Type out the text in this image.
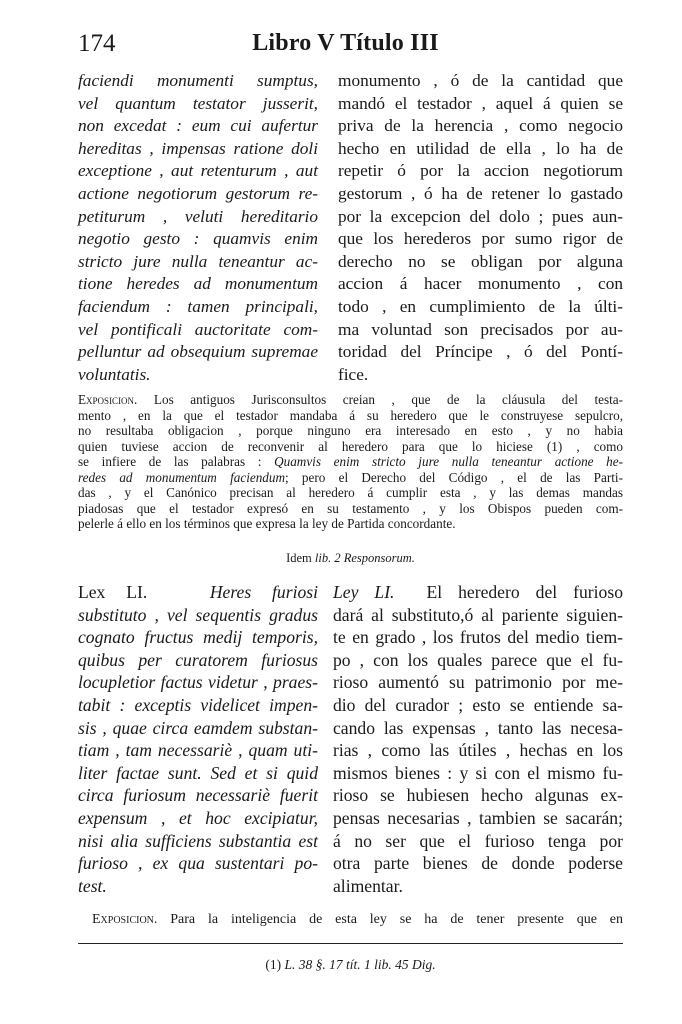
174	Libro V Título III
faciendi monumenti sumptus,
vel quantum testator jusserit,
non excedat : eum cui aufertur
hereditas , impensas ratione doli
exceptione , aut retenturum , aut
actione negotiorum gestorum re-
petiturum , veluti hereditario
negotio gesto : quamvis enim
stricto jure nulla teneantur ac-
tione heredes ad monumentum
faciendum : tamen principali,
vel pontificali auctoritate com-
pelluntur ad obsequium supremae
voluntatis.
monumento , ó de la cantidad que
mandó el testador , aquel á quien se
priva de la herencia , como negocio
hecho en utilidad de ella , lo ha de
repetir ó por la accion negotiorum
gestorum , ó ha de retener lo gastado
por la excepcion del dolo ; pues aun-
que los herederos por sumo rigor de
derecho no se obligan por alguna
accion á hacer monumento , con
todo , en cumplimiento de la últi-
ma voluntad son precisados por au-
toridad del Príncipe , ó del Pontí-
fice.
Exposicion. Los antiguos Jurisconsultos creian , que de la cláusula del testa-
mento , en la que el testador mandaba á su heredero que le construyese sepulcro,
no resultaba obligacion , porque ninguno era interesado en esto , y no habia
quien tuviese accion de reconvenir al heredero para que lo hiciese (1) , como
se infiere de las palabras : Quamvis enim stricto jure nulla teneantur actione he-
redes ad monumentum faciendum; pero el Derecho del Código , el de las Parti-
das , y el Canónico precisan al heredero á cumplir esta , y las demas mandas
piadosas que el testador expresó en su testamento , y los Obispos pueden com-
pelerle á ello en los términos que expresa la ley de Partida concordante.
Idem lib. 2 Responsorum.
Lex LI.	Heres furiosi
substituto , vel sequentis gradus
cognato fructus medij temporis,
quibus per curatorem furiosus
locupletior factus videtur , praes-
tabit : exceptis videlicet impen-
sis , quae circa eamdem substan-
tiam , tam necessariè , quam uti-
liter factae sunt. Sed et si quid
circa furiosum necessariè fuerit
expensum , et hoc excipiatur,
nisi alia sufficiens substantia est
furioso , ex qua sustentari po-
test.
Ley LI. El heredero del furioso
dará al substituto,ó al pariente siguien-
te en grado , los frutos del medio tiem-
po , con los quales parece que el fu-
rioso aumentó su patrimonio por me-
dio del curador ; esto se entiende sa-
cando las expensas , tanto las necesa-
rias , como las útiles , hechas en los
mismos bienes : y si con el mismo fu-
rioso se hubiesen hecho algunas ex-
pensas necesarias , tambien se sacarán;
á no ser que el furioso tenga por
otra parte bienes de donde poderse
alimentar.
Exposicion. Para la inteligencia de esta ley se ha de tener presente que en
(1) L. 38 §. 17 tít. 1 lib. 45 Dig.
